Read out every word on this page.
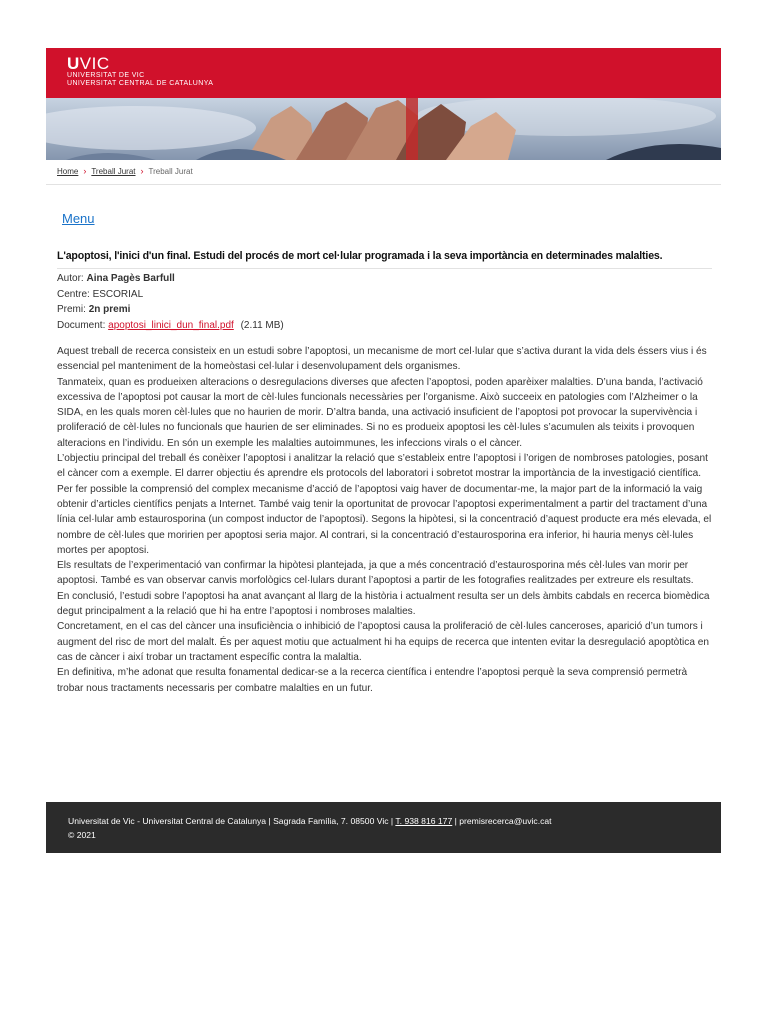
UVIC
UNIVERSITAT DE VIC
UNIVERSITAT CENTRAL DE CATALUNYA
Home › Treball Jurat › Treball Jurat
Menu
L'apoptosi, l'inici d'un final. Estudi del procés de mort cel·lular programada i la seva importància en determinades malalties.
Autor: Aina Pagès Barfull
Centre: ESCORIAL
Premi: 2n premi
Document: apoptosi_linici_dun_final.pdf (2.11 MB)

Aquest treball de recerca consisteix en un estudi sobre l’apoptosi, un mecanisme de mort cel·lular que s’activa durant la vida dels éssers vius i és essencial pel manteniment de la homeòstasi cel·lular i desenvolupament dels organismes.

Tanmateix, quan es produeixen alteracions o desregulacions diverses que afecten l’apoptosi, poden aparèixer malalties. D’una banda, l’activació excessiva de l’apoptosi pot causar la mort de cèl·lules funcionals necessàries per l’organisme. Això succeeix en patologies com l’Alzheimer o la SIDA, en les quals moren cèl·lules que no haurien de morir. D’altra banda, una activació insuficient de l’apoptosi pot provocar la supervivència i proliferació de cèl·lules no funcionals que haurien de ser eliminades. Si no es produeix apoptosi les cèl·lules s’acumulen als teixits i provoquen alteracions en l’individu. En són un exemple les malalties autoimmunes, les infeccions virals o el càncer.

L’objectiu principal del treball és conèixer l’apoptosi i analitzar la relació que s’estableix entre l’apoptosi i l’origen de nombroses patologies, posant el càncer com a exemple. El darrer objectiu és aprendre els protocols del laboratori i sobretot mostrar la importància de la investigació científica.

Per fer possible la comprensió del complex mecanisme d’acció de l’apoptosi vaig haver de documentar-me, la major part de la informació la vaig obtenir d’articles científics penjats a Internet. També vaig tenir la oportunitat de provocar l’apoptosi experimentalment a partir del tractament d’una línia cel·lular amb estaurosporina (un compost inductor de l’apoptosi). Segons la hipòtesi, si la concentració d’aquest producte era més elevada, el nombre de cèl·lules que moririen per apoptosi seria major. Al contrari, si la concentració d’estaurosporina era inferior, hi hauria menys cèl·lules mortes per apoptosi.

Els resultats de l’experimentació van confirmar la hipòtesi plantejada, ja que a més concentració d’estaurosporina més cèl·lules van morir per apoptosi. També es van observar canvis morfològics cel·lulars durant l’apoptosi a partir de les fotografies realitzades per extreure els resultats.

En conclusió, l’estudi sobre l’apoptosi ha anat avançant al llarg de la història i actualment resulta ser un dels àmbits cabdals en recerca biomèdica degut principalment a la relació que hi ha entre l’apoptosi i nombroses malalties.

Concretament, en el cas del càncer una insuficiència o inhibició de l’apoptosi causa la proliferació de cèl·lules canceroses, aparició d’un tumors i augment del risc de mort del malalt. És per aquest motiu que actualment hi ha equips de recerca que intenten evitar la desregulació apoptòtica en cas de càncer i així trobar un tractament específic contra la malaltia.

En definitiva, m’he adonat que resulta fonamental dedicar-se a la recerca científica i entendre l’apoptosi perquè la seva comprensió permetrà trobar nous tractaments necessaris per combatre malalties en un futur.

Universitat de Vic - Universitat Central de Catalunya | Sagrada Família, 7. 08500 Vic | T. 938 816 177 | premisrecerca@uvic.cat
© 2021
